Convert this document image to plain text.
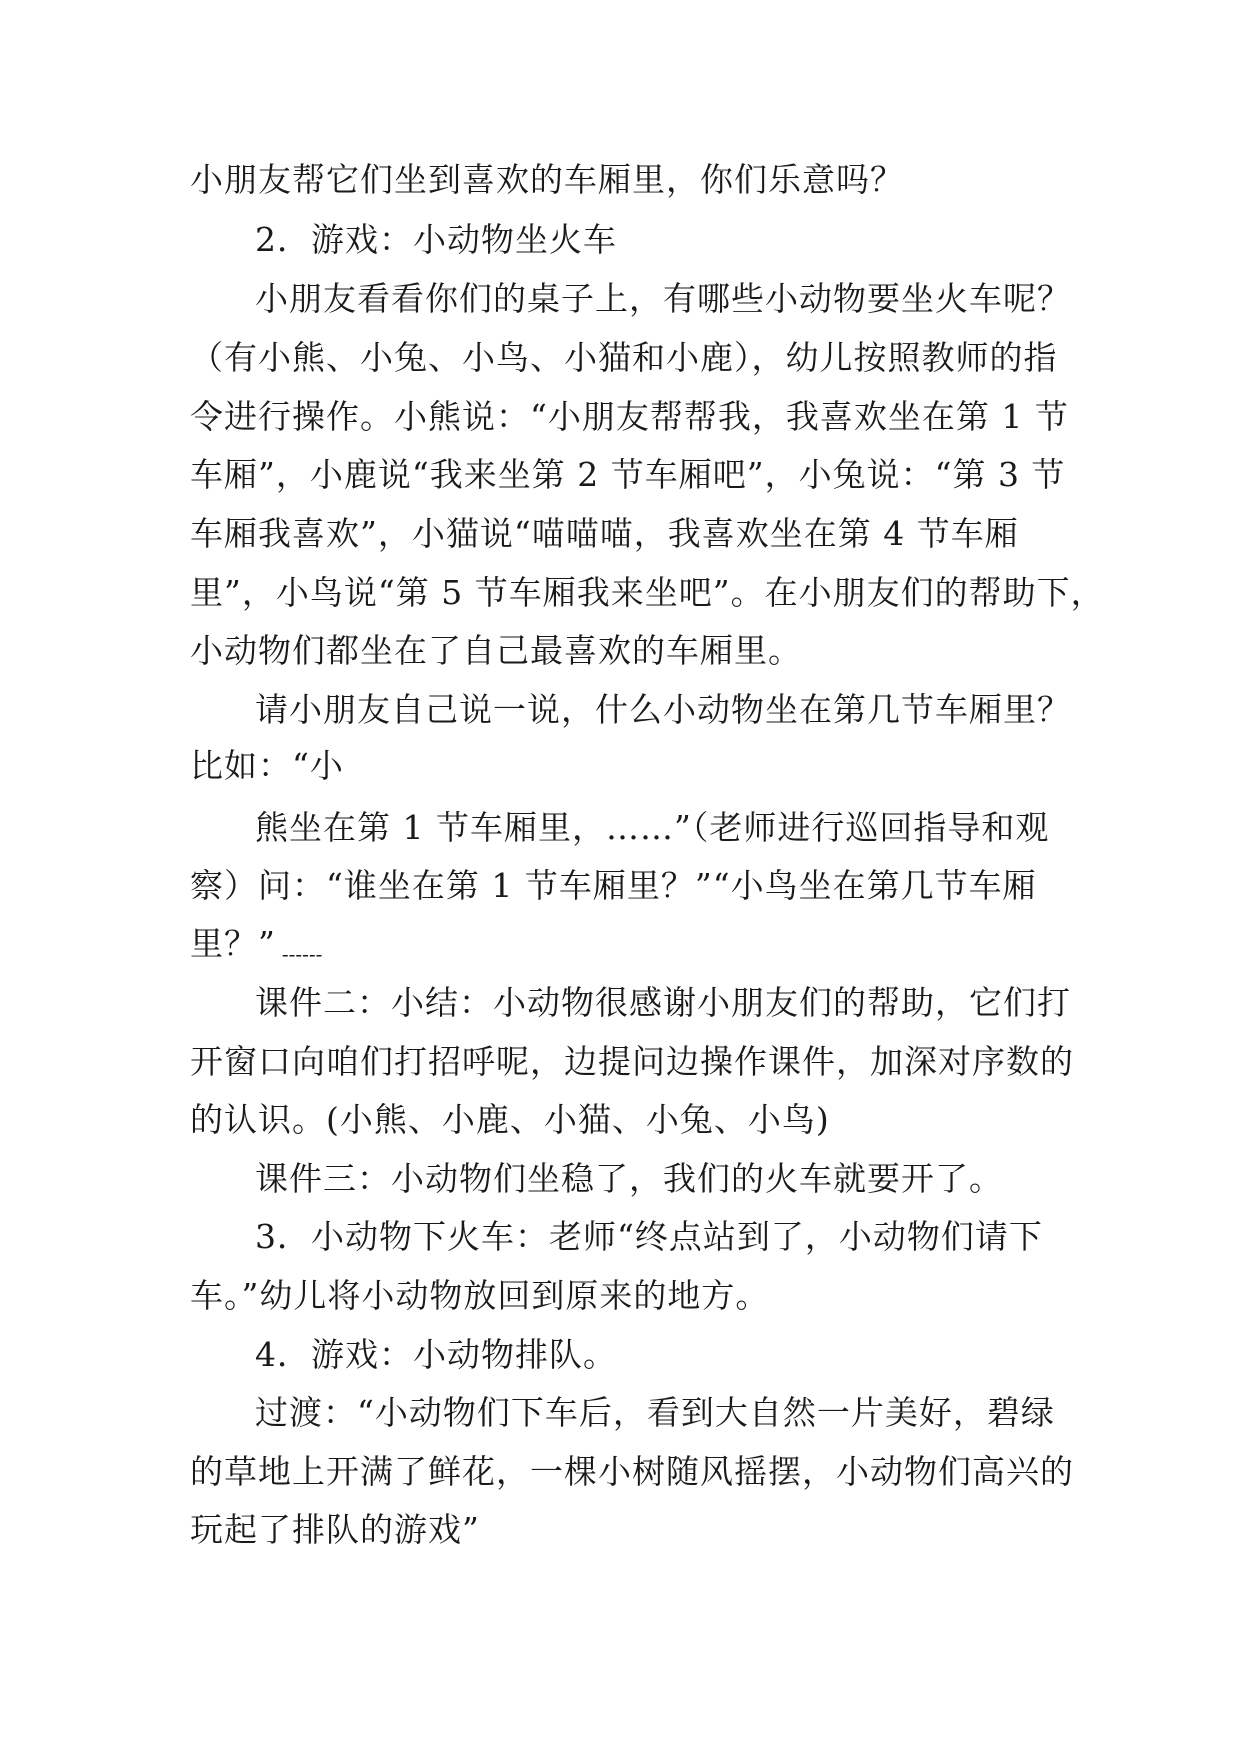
小朋友帮它们坐到喜欢的车厢里，你们乐意吗？
2．游戏：小动物坐火车
小朋友看看你们的桌子上，有哪些小动物要坐火车呢？
（有小熊、小兔、小鸟、小猫和小鹿），幼儿按照教师的指
令进行操作。小熊说：“小朋友帮帮我，我喜欢坐在第 1 节
车厢”，小鹿说“我来坐第 2 节车厢吧”，小兔说：“第 3 节
车厢我喜欢”，小猫说“喵喵喵，我喜欢坐在第 4 节车厢
里”，小鸟说“第 5 节车厢我来坐吧”。在小朋友们的帮助下，
小动物们都坐在了自己最喜欢的车厢里。
请小朋友自己说一说，什么小动物坐在第几节车厢里？
比如：“小
熊坐在第 1 节车厢里，……”（老师进行巡回指导和观
察）问：“谁坐在第 1 节车厢里？”“小鸟坐在第几节车厢
里？” ------
课件二：小结：小动物很感谢小朋友们的帮助，它们打
开窗口向咱们打招呼呢，边提问边操作课件，加深对序数的
的认识。(小熊、小鹿、小猫、小兔、小鸟)
课件三：小动物们坐稳了，我们的火车就要开了。
3．小动物下火车：老师“终点站到了，小动物们请下
车。”幼儿将小动物放回到原来的地方。
4．游戏：小动物排队。
过渡：“小动物们下车后，看到大自然一片美好，碧绿
的草地上开满了鲜花，一棵小树随风摇摆，小动物们高兴的
玩起了排队的游戏”
